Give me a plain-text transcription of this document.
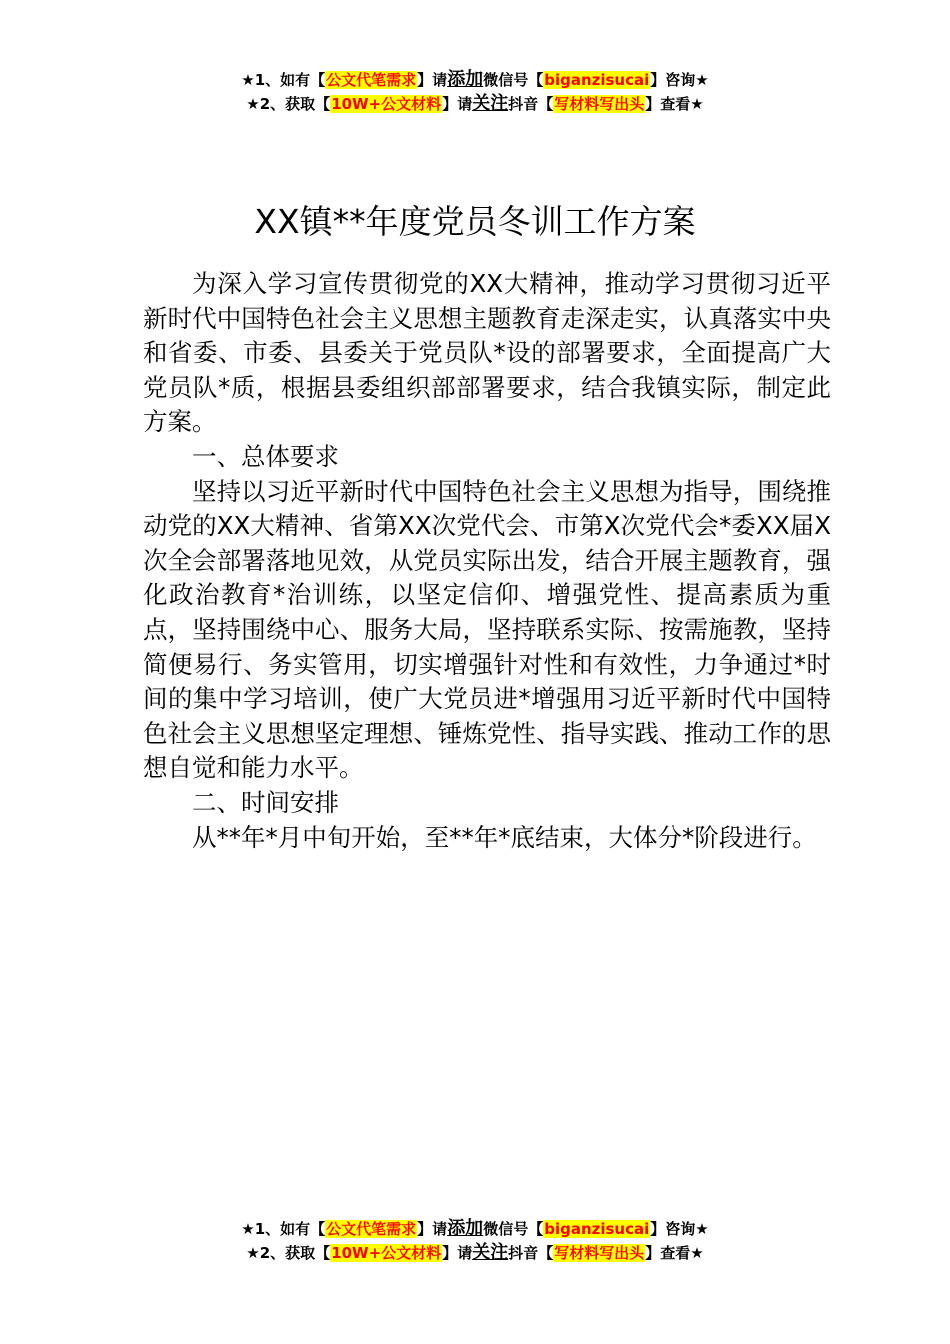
★1、如有【公文代笔需求】请添加微信号【biganzisucai】咨询★
★2、获取【10W+公文材料】请关注抖音【写材料写出头】查看★
XX镇**年度党员冬训工作方案

为深入学习宣传贯彻党的XX大精神，推动学习贯彻习近平新时代中国特色社会主义思想主题教育走深走实，认真落实中央和省委、市委、县委关于党员队*设的部署要求，全面提高广大党员队*质，根据县委组织部部署要求，结合我镇实际，制定此方案。

一、总体要求

坚持以习近平新时代中国特色社会主义思想为指导，围绕推动党的XX大精神、省第XX次党代会、市第X次党代会*委XX届X次全会部署落地见效，从党员实际出发，结合开展主题教育，强化政治教育*治训练，以坚定信仰、增强党性、提高素质为重点，坚持围绕中心、服务大局，坚持联系实际、按需施教，坚持简便易行、务实管用，切实增强针对性和有效性，力争通过*时间的集中学习培训，使广大党员进*增强用习近平新时代中国特色社会主义思想坚定理想、锤炼党性、指导实践、推动工作的思想自觉和能力水平。

二、时间安排

从**年*月中旬开始，至**年*底结束，大体分*阶段进行。

★1、如有【公文代笔需求】请添加微信号【biganzisucai】咨询★
★2、获取【10W+公文材料】请关注抖音【写材料写出头】查看★
